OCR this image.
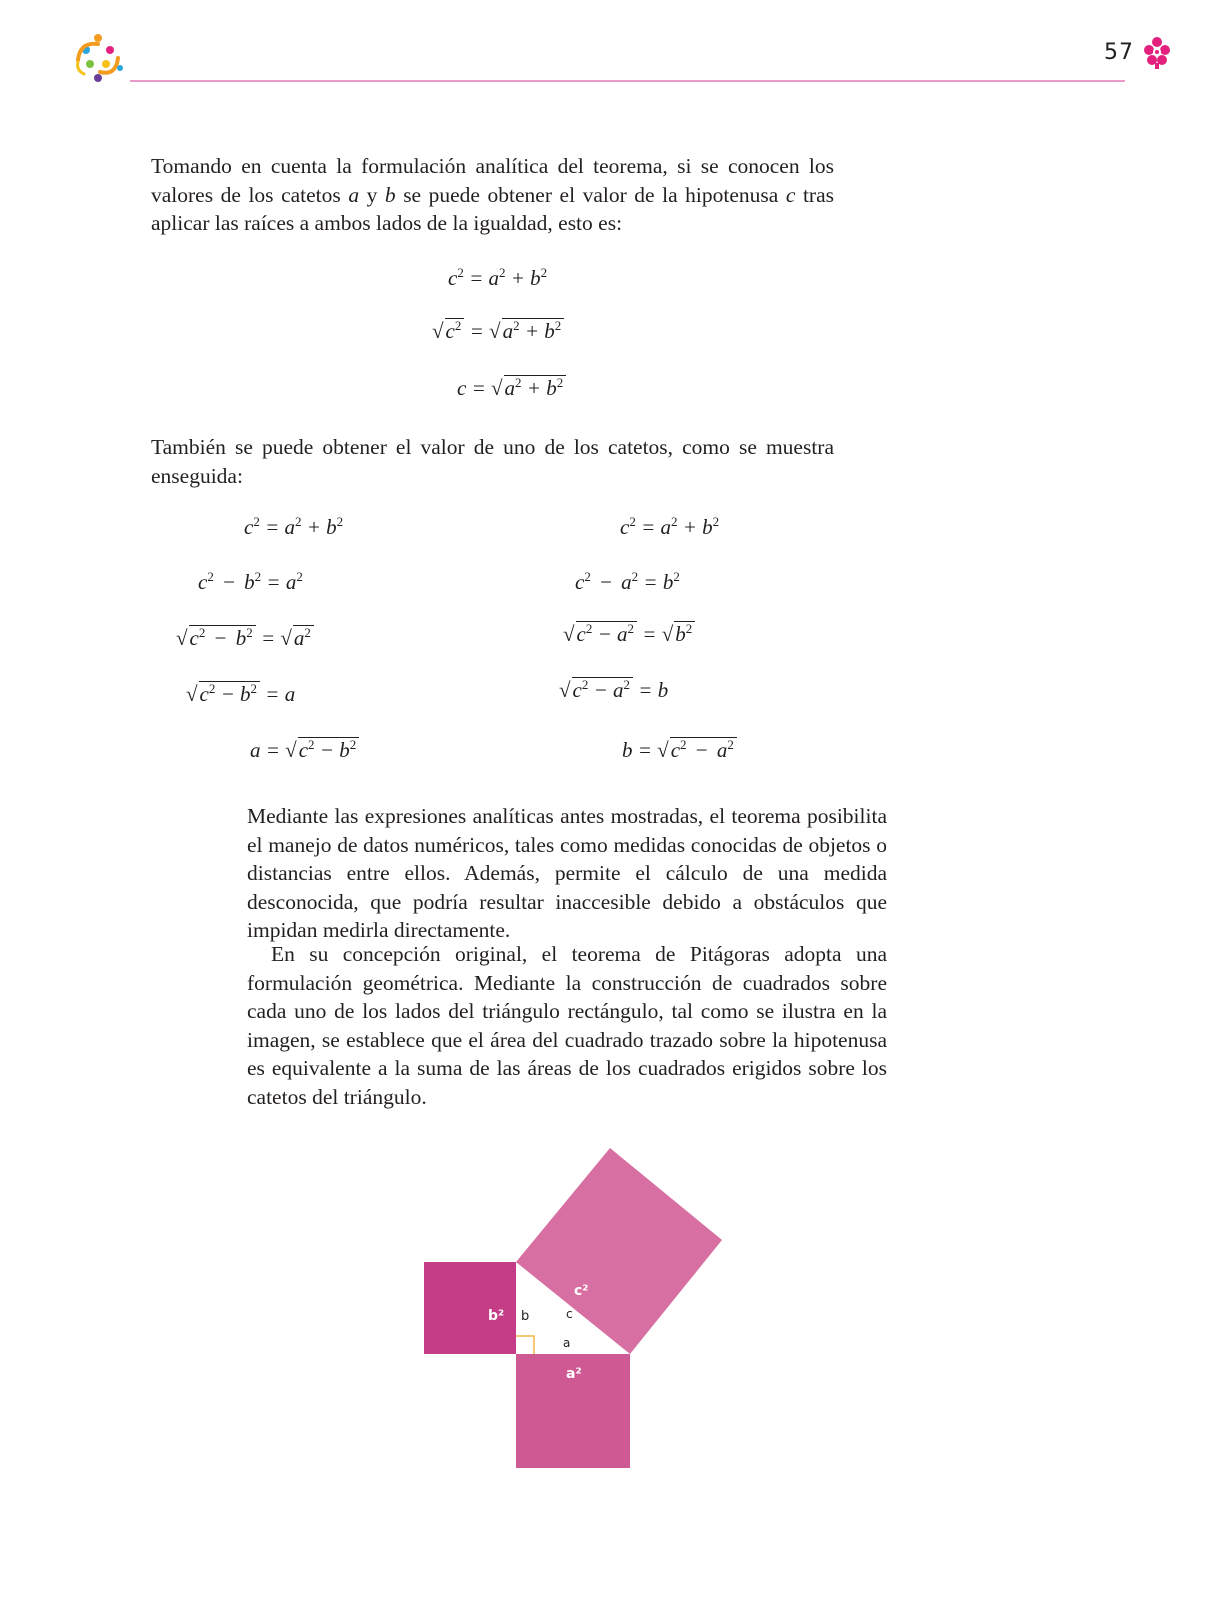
57

Tomando en cuenta la formulación analítica del teorema, si se conocen los valores de los catetos a y b se puede obtener el valor de la hipotenusa c tras aplicar las raíces a ambos lados de la igualdad, esto es:

$c^2 = a^2 + b^2$
$√c^2 = √a^2 + b^2$
$c = √a^2 + b^2$

También se puede obtener el valor de uno de los catetos, como se muestra enseguida:

$c^2 = a^2 + b^2$
$c^2 - b^2 = a^2$
$√c^2 - b^2 = √a^2$
$√c^2 - b^2 = a$
$a = √c^2 - b^2$
$c^2 = a^2 + b^2$
$c^2 - a^2 = b^2$
$√c^2 - a^2 = √b^2$
$√c^2 - a^2 = b$
$b = √c^2 - a^2$

Mediante las expresiones analíticas antes mostradas, el teorema posibilita el manejo de datos numéricos, tales como medidas conocidas de objetos o distancias entre ellos. Además, permite el cálculo de una medida desconocida, que podría resultar inaccesible debido a obstáculos que impidan medirla directamente.

En su concepción original, el teorema de Pitágoras adopta una formulación geométrica. Mediante la construcción de cuadrados sobre cada uno de los lados del triángulo rectángulo, tal como se ilustra en la imagen, se establece que el área del cuadrado trazado sobre la hipotenusa es equivalente a la suma de las áreas de los cuadrados erigidos sobre los catetos del triángulo.

b²
a²
c²
b	c
a
